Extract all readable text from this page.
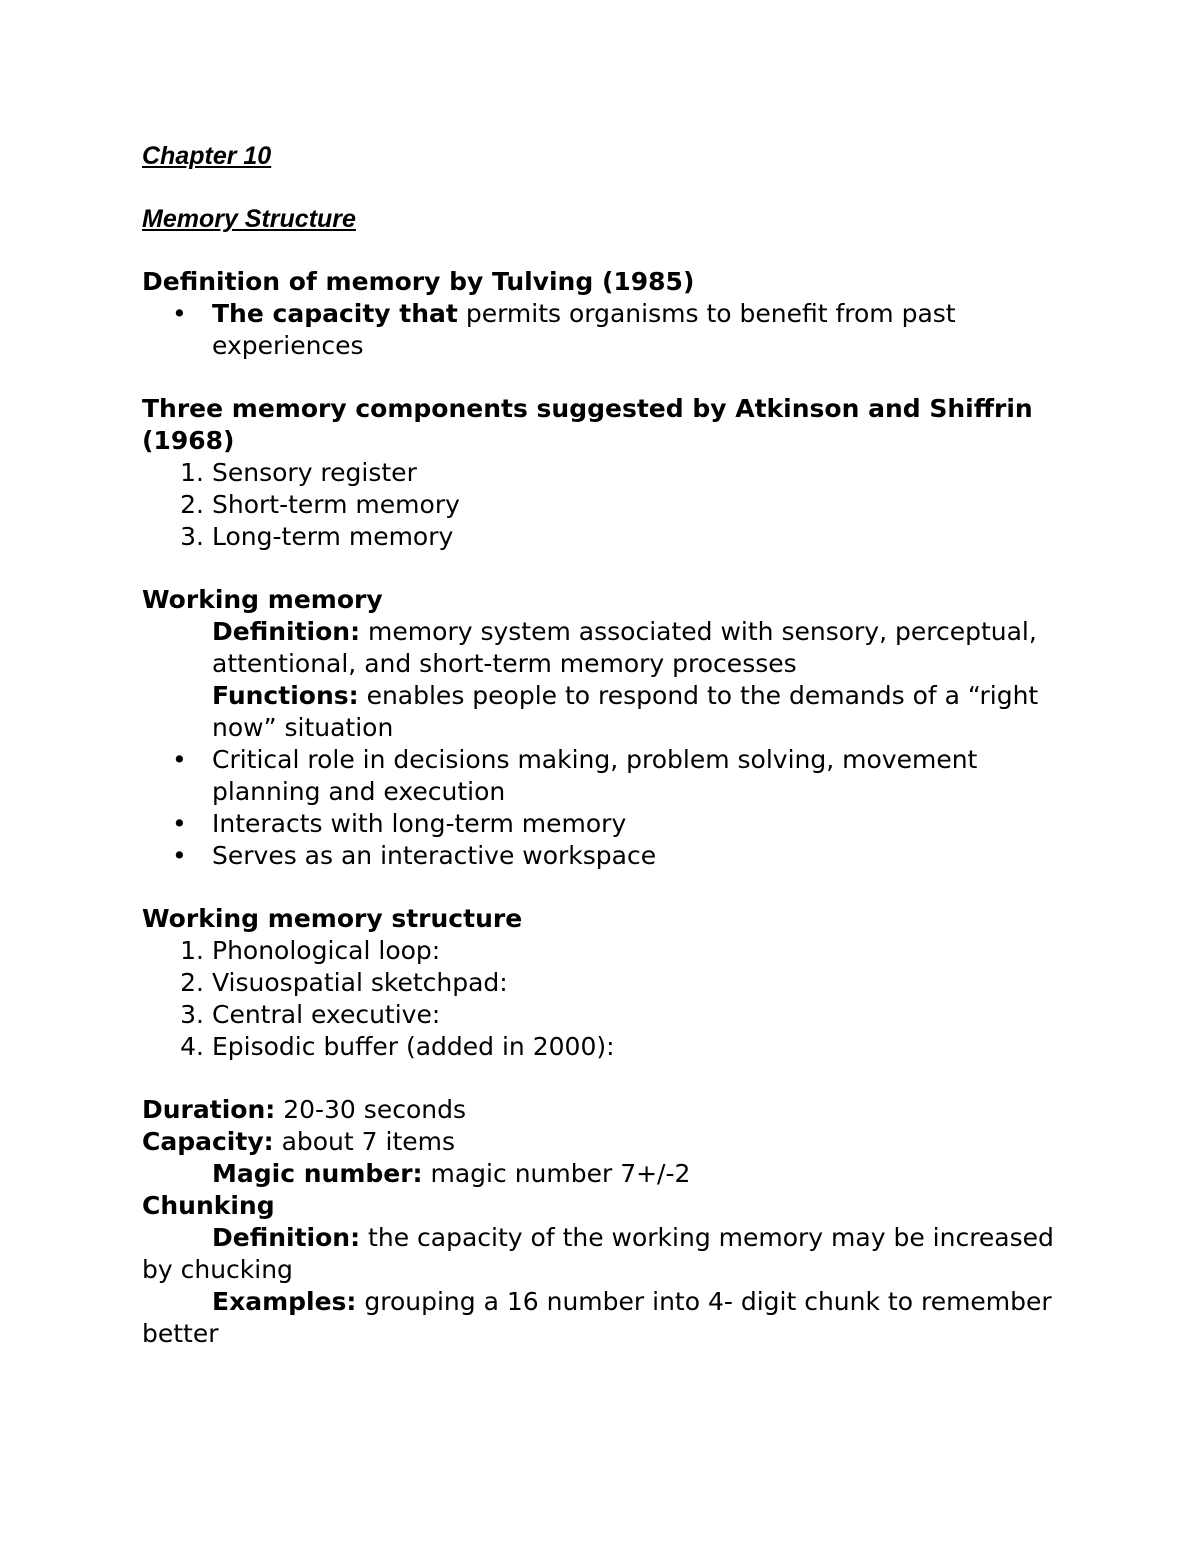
Chapter 10

Memory Structure

Definition of memory by Tulving (1985)

• The capacity that permits organisms to benefit from past experiences

Three memory components suggested by Atkinson and Shiffrin (1968)

1. Sensory register
2. Short-term memory
3. Long-term memory

Working memory

Definition: memory system associated with sensory, perceptual, attentional, and short-term memory processes

Functions: enables people to respond to the demands of a “right now” situation

• Critical role in decisions making, problem solving, movement planning and execution
• Interacts with long-term memory
• Serves as an interactive workspace

Working memory structure

1. Phonological loop:
2. Visuospatial sketchpad:
3. Central executive:
4. Episodic buffer (added in 2000):

Duration: 20-30 seconds

Capacity: about 7 items

Magic number: magic number 7+/-2

Chunking

Definition: the capacity of the working memory may be increased by chucking

Examples: grouping a 16 number into 4- digit chunk to remember better
